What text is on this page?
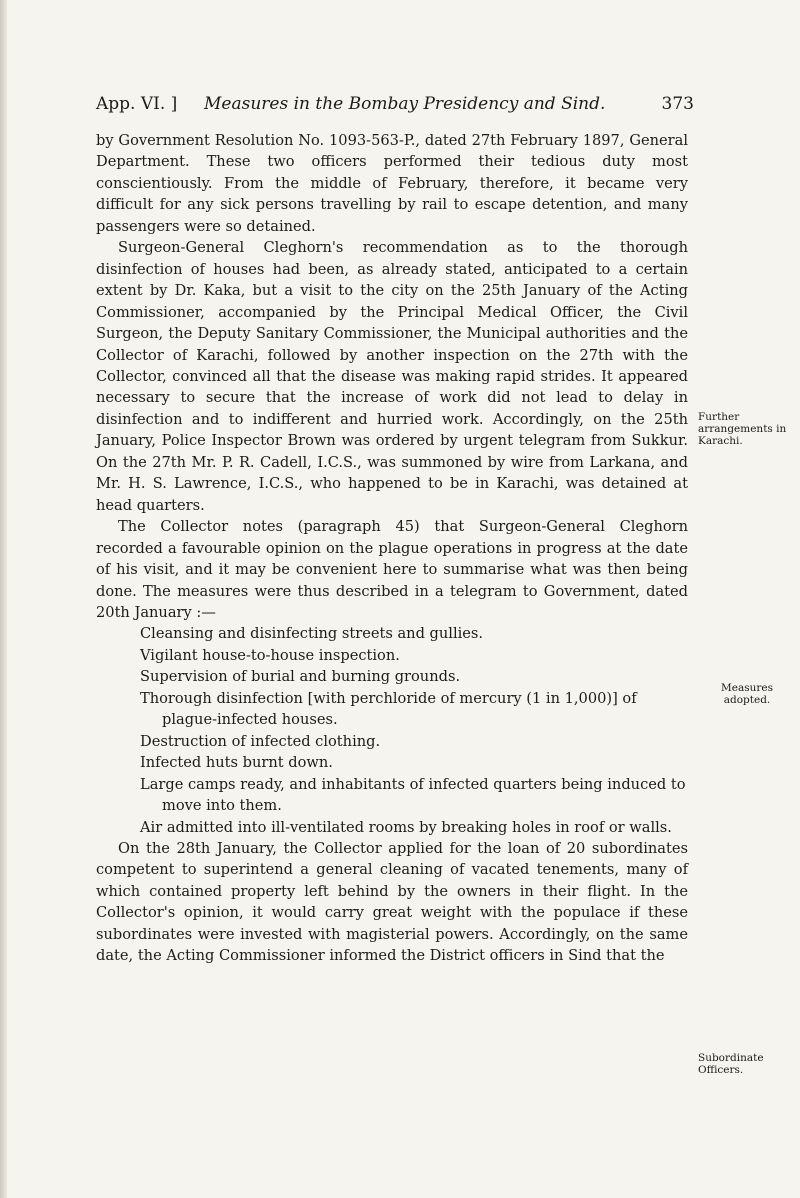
App. VI. ] Measures in the Bombay Presidency and Sind.	373

by Government Resolution No. 1093-563-P., dated 27th February 1897, General Department. These two officers performed their tedious duty most conscientiously. From the middle of February, therefore, it became very difficult for any sick persons travelling by rail to escape detention, and many passengers were so detained.

Surgeon-General Cleghorn's recommendation as to the thorough disinfection of houses had been, as already stated, anticipated to a certain extent by Dr. Kaka, but a visit to the city on the 25th January of the Acting Commissioner, accompanied by the Principal Medical Officer, the Civil Surgeon, the Deputy Sanitary Commissioner, the Municipal authorities and the Collector of Karachi, followed by another inspection on the 27th with the Collector, convinced all that the disease was making rapid strides. It appeared necessary to secure that the increase of work did not lead to delay in disinfection and to indifferent and hurried work. Accordingly, on the 25th January, Police Inspector Brown was ordered by urgent telegram from Sukkur. On the 27th Mr. P. R. Cadell, I.C.S., was summoned by wire from Larkana, and Mr. H. S. Lawrence, I.C.S., who happened to be in Karachi, was detained at head quarters.

The Collector notes (paragraph 45) that Surgeon-General Cleghorn recorded a favourable opinion on the plague operations in progress at the date of his visit, and it may be convenient here to summarise what was then being done. The measures were thus described in a telegram to Government, dated 20th January :—

Cleansing and disinfecting streets and gullies.
Vigilant house-to-house inspection.
Supervision of burial and burning grounds.
Thorough disinfection [with perchloride of mercury (1 in 1,000)] of plague-infected houses.
Destruction of infected clothing.
Infected huts burnt down.
Large camps ready, and inhabitants of infected quarters being induced to move into them.
Air admitted into ill-ventilated rooms by breaking holes in roof or walls.

On the 28th January, the Collector applied for the loan of 20 subordinates competent to superintend a general cleaning of vacated tenements, many of which contained property left behind by the owners in their flight. In the Collector's opinion, it would carry great weight with the populace if these subordinates were invested with magisterial powers. Accordingly, on the same date, the Acting Commissioner informed the District officers in Sind that the

Further arrangements in Karachi.
Measures adopted.
Subordinate Officers.
